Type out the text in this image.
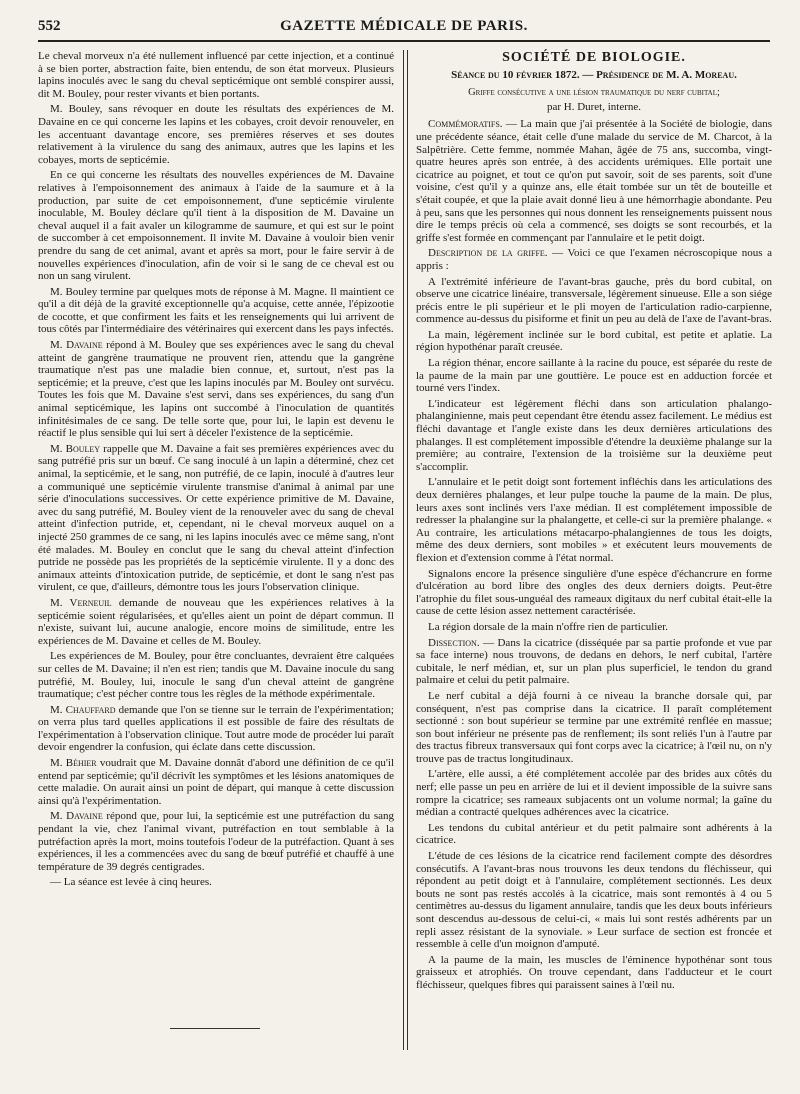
552	GAZETTE MÉDICALE DE PARIS.

Le cheval morveux n'a été nullement influencé par cette injection, et a continué à se bien porter, abstraction faite, bien entendu, de son état morveux. Plusieurs lapins inoculés avec le sang du cheval septicémique ont semblé conspirer aussi, dit M. Bouley, pour rester vivants et bien portants.

M. Bouley, sans révoquer en doute les résultats des expériences de M. Davaine en ce qui concerne les lapins et les cobayes, croit devoir renouveler, en les accentuant davantage encore, ses premières réserves et ses doutes relativement à la virulence du sang des animaux, autres que les lapins et les cobayes, morts de septicémie.

En ce qui concerne les résultats des nouvelles expériences de M. Davaine relatives à l'empoisonnement des animaux à l'aide de la saumure et à la production, par suite de cet empoisonnement, d'une septicémie virulente inoculable, M. Bouley déclare qu'il tient à la disposition de M. Davaine un cheval auquel il a fait avaler un kilogramme de saumure, et qui est sur le point de succomber à cet empoisonnement. Il invite M. Davaine à vouloir bien venir prendre du sang de cet animal, avant et après sa mort, pour le faire servir à de nouvelles expériences d'inoculation, afin de voir si le sang de ce cheval est ou non un sang virulent.

M. Bouley termine par quelques mots de réponse à M. Magne. Il maintient ce qu'il a dit déjà de la gravité exceptionnelle qu'a acquise, cette année, l'épizootie de cocotte, et que confirment les faits et les renseignements qui lui arrivent de tous côtés par l'intermédiaire des vétérinaires qui exercent dans les pays infectés.

M. Davaine répond à M. Bouley que ses expériences avec le sang du cheval atteint de gangrène traumatique ne prouvent rien, attendu que la gangrène traumatique n'est pas une maladie bien connue, et, surtout, n'est pas la septicémie; et la preuve, c'est que les lapins inoculés par M. Bouley ont survécu. Toutes les fois que M. Davaine s'est servi, dans ses expériences, du sang d'un animal septicémique, les lapins ont succombé à l'inoculation de quantités infinitésimales de ce sang. De telle sorte que, pour lui, le lapin est devenu le réactif le plus sensible qui lui sert à déceler l'existence de la septicémie.

M. Bouley rappelle que M. Davaine a fait ses premières expériences avec du sang putréfié pris sur un bœuf. Ce sang inoculé à un lapin a déterminé, chez cet animal, la septicémie, et le sang, non putréfié, de ce lapin, inoculé à d'autres leur a communiqué une septicémie virulente transmise d'animal à animal par une série d'inoculations successives. Or cette expérience primitive de M. Davaine, avec du sang putréfié, M. Bouley vient de la renouveler avec du sang de cheval atteint d'infection putride, et, cependant, ni le cheval morveux auquel on a injecté 250 grammes de ce sang, ni les lapins inoculés avec ce même sang, n'ont été malades. M. Bouley en conclut que le sang du cheval atteint d'infection putride ne possède pas les propriétés de la septicémie virulente. Il y a donc des animaux atteints d'intoxication putride, de septicémie, et dont le sang n'est pas virulent, ce que, d'ailleurs, démontre tous les jours l'observation clinique.

M. Verneuil demande de nouveau que les expériences relatives à la septicémie soient régularisées, et qu'elles aient un point de départ commun. Il n'existe, suivant lui, aucune analogie, encore moins de similitude, entre les expériences de M. Davaine et celles de M. Bouley.

Les expériences de M. Bouley, pour être concluantes, devraient être calquées sur celles de M. Davaine; il n'en est rien; tandis que M. Davaine inocule du sang putréfié, M. Bouley, lui, inocule le sang d'un cheval atteint de gangrène traumatique; c'est pécher contre tous les règles de la méthode expérimentale.

M. Chauffard demande que l'on se tienne sur le terrain de l'expérimentation; on verra plus tard quelles applications il est possible de faire des résultats de l'expérimentation à l'observation clinique. Tout autre mode de procéder lui paraît devoir engendrer la confusion, qui éclate dans cette discussion.

M. Béhier voudrait que M. Davaine donnât d'abord une définition de ce qu'il entend par septicémie; qu'il décrivît les symptômes et les lésions anatomiques de cette maladie. On aurait ainsi un point de départ, qui manque à cette discussion ainsi qu'à l'expérimentation.

M. Davaine répond que, pour lui, la septicémie est une putréfaction du sang pendant la vie, chez l'animal vivant, putréfaction en tout semblable à la putréfaction après la mort, moins toutefois l'odeur de la putréfaction. Quant à ses expériences, il les a commencées avec du sang de bœuf putréfié et chauffé à une température de 39 degrés centigrades.

— La séance est levée à cinq heures.

SOCIÉTÉ DE BIOLOGIE.
Séance du 10 février 1872. — Présidence de M. A. Moreau.
Griffe consécutive a une lésion traumatique du nerf cubital;
par H. Duret, interne.

Commémoratifs. — La main que j'ai présentée à la Société de biologie, dans une précédente séance, était celle d'une malade du service de M. Charcot, à la Salpêtrière. Cette femme, nommée Mahan, âgée de 75 ans, succomba, vingt-quatre heures après son entrée, à des accidents urémiques. Elle portait une cicatrice au poignet, et tout ce qu'on put savoir, soit de ses parents, soit d'une voisine, c'est qu'il y a quinze ans, elle était tombée sur un têt de bouteille et s'était coupée, et que la plaie avait donné lieu à une hémorrhagie abondante. Peu à peu, sans que les personnes qui nous donnent les renseignements puissent nous dire le temps précis où cela a commencé, ses doigts se sont recourbés, et la griffe s'est formée en commençant par l'annulaire et le petit doigt.

Description de la griffe. — Voici ce que l'examen nécroscopique nous a appris :

A l'extrémité inférieure de l'avant-bras gauche, près du bord cubital, on observe une cicatrice linéaire, transversale, légèrement sinueuse. Elle a son siége précis entre le pli supérieur et le pli moyen de l'articulation radio-carpienne, commence au-dessus du pisiforme et finit un peu au delà de l'axe de l'avant-bras.

La main, légèrement inclinée sur le bord cubital, est petite et aplatie. La région hypothénar paraît creusée.

La région thénar, encore saillante à la racine du pouce, est séparée du reste de la paume de la main par une gouttière. Le pouce est en adduction forcée et tourné vers l'index.

L'indicateur est légèrement fléchi dans son articulation phalango-phalanginienne, mais peut cependant être étendu assez facilement. Le médius est fléchi davantage et l'angle existe dans les deux dernières articulations des phalanges. Il est complétement impossible d'étendre la deuxième phalange sur la première; au contraire, l'extension de la troisième sur la deuxième peut s'accomplir.

L'annulaire et le petit doigt sont fortement infléchis dans les articulations des deux dernières phalanges, et leur pulpe touche la paume de la main. De plus, leurs axes sont inclinés vers l'axe médian. Il est complétement impossible de redresser la phalangine sur la phalangette, et celle-ci sur la première phalange. « Au contraire, les articulations métacarpo-phalangiennes de tous les doigts, même des deux derniers, sont mobiles » et exécutent leurs mouvements de flexion et d'extension comme à l'état normal.

Signalons encore la présence singulière d'une espèce d'échancrure en forme d'ulcération au bord libre des ongles des deux derniers doigts. Peut-être l'atrophie du filet sous-unguéal des rameaux digitaux du nerf cubital était-elle la cause de cette lésion assez nettement caractérisée.

La région dorsale de la main n'offre rien de particulier.

Dissection. — Dans la cicatrice (disséquée par sa partie profonde et vue par sa face interne) nous trouvons, de dedans en dehors, le nerf cubital, l'artère cubitale, le nerf médian, et, sur un plan plus superficiel, le tendon du grand palmaire et celui du petit palmaire.

Le nerf cubital a déjà fourni à ce niveau la branche dorsale qui, par conséquent, n'est pas comprise dans la cicatrice. Il paraît complétement sectionné : son bout supérieur se termine par une extrémité renflée en massue; son bout inférieur ne présente pas de renflement; ils sont reliés l'un à l'autre par des tractus fibreux transversaux qui font corps avec la cicatrice; à l'œil nu, on n'y trouve pas de tractus longitudinaux.

L'artère, elle aussi, a été complétement accolée par des brides aux côtés du nerf; elle passe un peu en arrière de lui et il devient impossible de la suivre sans rompre la cicatrice; ses rameaux subjacents ont un volume normal; la gaîne du médian a contracté quelques adhérences avec la cicatrice.

Les tendons du cubital antérieur et du petit palmaire sont adhérents à la cicatrice.

L'étude de ces lésions de la cicatrice rend facilement compte des désordres consécutifs. A l'avant-bras nous trouvons les deux tendons du fléchisseur, qui répondent au petit doigt et à l'annulaire, complétement sectionnés. Les deux bouts ne sont pas restés accolés à la cicatrice, mais sont remontés à 4 ou 5 centimètres au-dessus du ligament annulaire, tandis que les deux bouts inférieurs sont descendus au-dessous de celui-ci, « mais lui sont restés adhérents par un repli assez résistant de la synoviale. » Leur surface de section est froncée et ressemble à celle d'un moignon d'amputé.

A la paume de la main, les muscles de l'éminence hypothénar sont tous graisseux et atrophiés. On trouve cependant, dans l'adducteur et le court fléchisseur, quelques fibres qui paraissent saines à l'œil nu.
